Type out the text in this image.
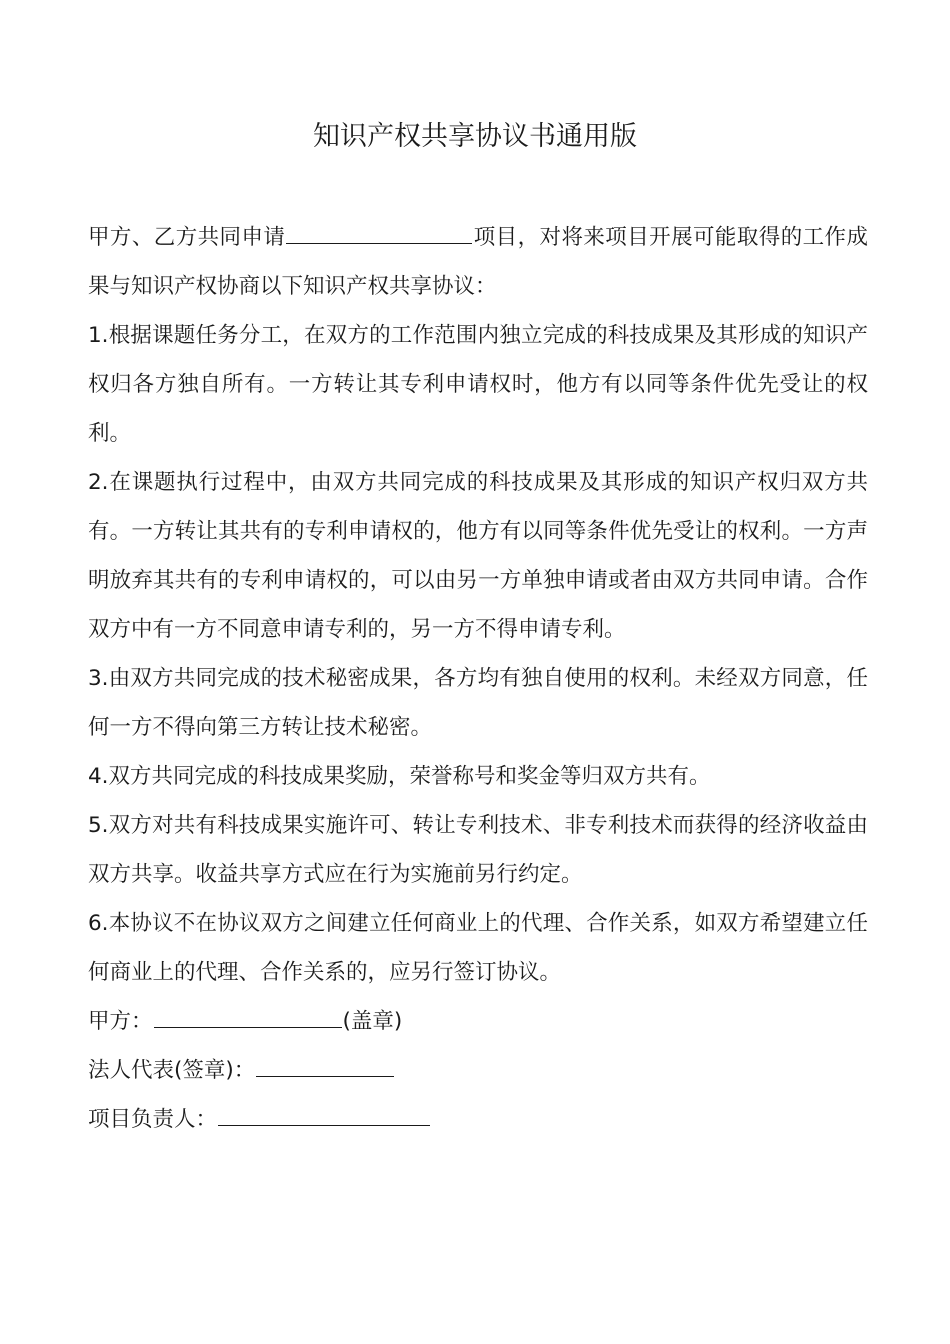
知识产权共享协议书通用版

甲方、乙方共同申请	项目，对将来项目开展可能取得的工作成果与知识产权协商以下知识产权共享协议：

1.根据课题任务分工，在双方的工作范围内独立完成的科技成果及其形成的知识产权归各方独自所有。一方转让其专利申请权时，他方有以同等条件优先受让的权利。

2.在课题执行过程中，由双方共同完成的科技成果及其形成的知识产权归双方共有。一方转让其共有的专利申请权的，他方有以同等条件优先受让的权利。一方声明放弃其共有的专利申请权的，可以由另一方单独申请或者由双方共同申请。合作双方中有一方不同意申请专利的，另一方不得申请专利。

3.由双方共同完成的技术秘密成果，各方均有独自使用的权利。未经双方同意，任何一方不得向第三方转让技术秘密。

4.双方共同完成的科技成果奖励，荣誉称号和奖金等归双方共有。

5.双方对共有科技成果实施许可、转让专利技术、非专利技术而获得的经济收益由双方共享。收益共享方式应在行为实施前另行约定。

6.本协议不在协议双方之间建立任何商业上的代理、合作关系，如双方希望建立任何商业上的代理、合作关系的，应另行签订协议。

甲方：	(盖章)

法人代表(签章)：

项目负责人：
